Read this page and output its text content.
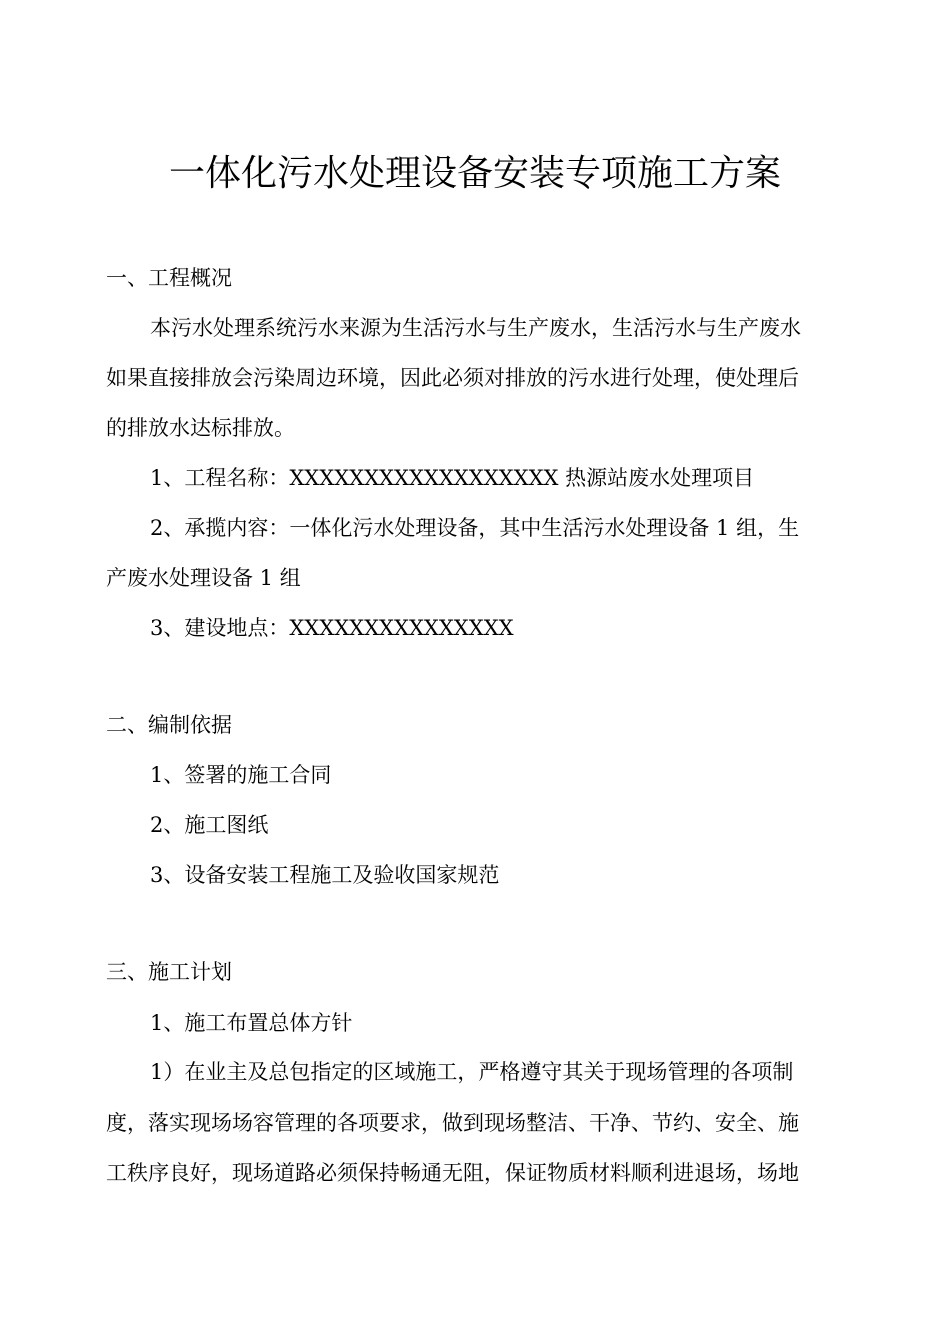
一体化污水处理设备安装专项施工方案
一、工程概况
本污水处理系统污水来源为生活污水与生产废水，生活污水与生产废水
如果直接排放会污染周边环境，因此必须对排放的污水进行处理，使处理后
的排放水达标排放。
1、工程名称：XXXXXXXXXXXXXXXXXX 热源站废水处理项目
2、承揽内容：一体化污水处理设备，其中生活污水处理设备 1 组，生
产废水处理设备 1 组
3、建设地点：XXXXXXXXXXXXXXX
二、编制依据
1、签署的施工合同
2、施工图纸
3、设备安装工程施工及验收国家规范
三、施工计划
1、施工布置总体方针
1）在业主及总包指定的区域施工，严格遵守其关于现场管理的各项制
度，落实现场场容管理的各项要求，做到现场整洁、干净、节约、安全、施
工秩序良好，现场道路必须保持畅通无阻，保证物质材料顺利进退场，场地
